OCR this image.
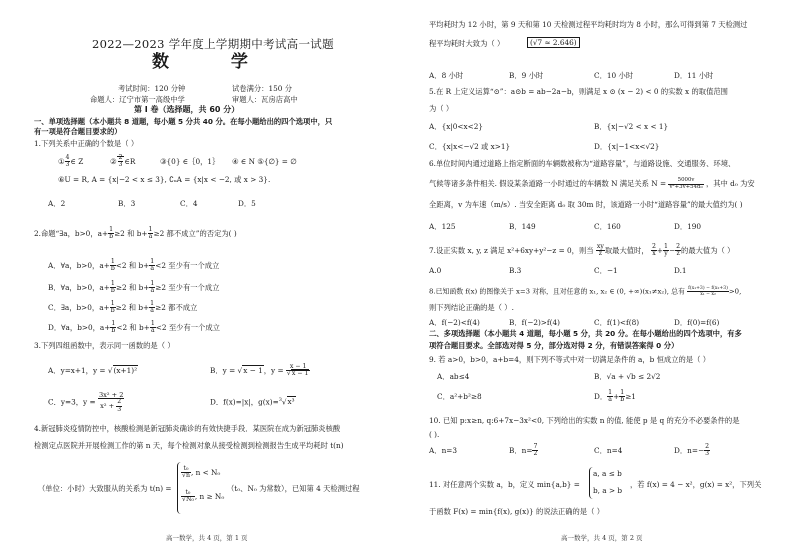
2022—2023 学年度上学期期中考试高一试题
数 学
考试时间：120 分钟	试卷满分：150 分
命题人：辽宁市第一高级中学	审题人：瓦房店高中
第 Ⅰ 卷（选择题，共 60 分）
一、单项选择题（本小题共 8 道题，每小题 5 分共 40 分。在每小题给出的四个选项中，只
有一项是符合题目要求的）
1.下列关系中正确的个数是（ ）
① $\frac{4}{3}$ ∈ Z	② $\frac{2}{3}$ ∈R	③{0} ∈｛0，1｝ ④ ∈ N ⑤{∅} = ∅
⑥U = R, A = {x|−2 < x ≤ 3}, ∁ᵤA = {x|x < −2, 或 x > 3}.
A．2	B．3	C．4	D．5
2.命题“∃a，b>0，$a+ \frac{1}{b} \ge 2$ 和 $b+ \frac{1}{a} \ge 2$ 都不成立”的否定为( )
A．∀a，b>0，$a+ \frac{1}{b} <2$ 和 $b+ \frac{1}{a} <2$ 至少有一个成立
B．∀a，b>0，$a+ \frac{1}{b} \ge 2$ 和 $b+ \frac{1}{a} \ge 2$ 至少有一个成立
C．∃a，b>0，$a+ \frac{1}{b} \ge 2$ 和 $b+ \frac{1}{a} \ge 2$ 都不成立
D．∀a，b>0，$a+ \frac{1}{b} <2$ 和 $b+ \frac{1}{a} <2$ 至少有一个成立
3.下列四组函数中，表示同一函数的是（ ）
A．y=x+1，y = √(x+1)²	B．y = √x − 1，$y = \frac{x - 1}{√x - 1}$
C．y=3，$y = \frac{\text{3x² + 2}}{x^2 + \frac{2}{3}}$	D．f(x)=|x|，g(x)=$^3$√x³
4.新冠肺炎疫情防控中，核酸检测是新冠肺炎确诊的有效快捷手段．某医院在成为新冠肺炎核酸
检测定点医院并开展检测工作的第 n 天，每个检测对象从接受检测到检测报告生成平均耗时 t(n)
（单位：小时）大致服从的关系为 t(n) =
$\frac{\text{t₀}}{√n}$ , n < N₀
$\frac{\text{t₀}}{\text{√N₀}}$ , n ≥ N₀
（t₀、N₀ 为常数），已知第 4 天检测过程
高一数学，共 4 页，第 1 页
平均耗时为 12 小时，第 9 天和第 10 天检测过程平均耗时均为 8 小时，那么可得到第 7 天检测过
程平均耗时大致为（ ）	(√7 ≈ 2.646)
A．8 小时	B．9 小时	C．10 小时	D．11 小时
5.在 R 上定义运算“⊙”：a⊙b = ab−2a−b，则满足 x ⊙ (x − 2) < 0 的实数 x 的取值范围
为（ ）
A．{x|0<x<2}	B．{x|−√2 < x < 1}
C．{x|x<−√2 或 x>1}	D．{x|−1<x<√2}
6.单位时间内通过道路上指定断面的车辆数被称为“道路容量”，与道路设施、交通服务、环境、
气候等诸多条件相关. 假设某条道路一小时通过的车辆数 N 满足关系 $N = \frac{5000v}{\text{v²+3v+54d₀}}$ ，其中 d₀ 为安
全距离，v 为车速（m/s）. 当安全距离 d₀ 取 30m 时，该道路一小时“道路容量”的最大值约为( )
A．125	B．149	C．160	D．190
7.设正实数 x, y, z 满足 x²+6xy+y²−z = 0，则当 $\frac{xy}{z}$ 取最大值时， $\frac{2}{x} + \frac{1}{y} - \frac{2}{z}$ 的最大值为（ ）
A.0	B.3	C．−1	D.1
8.已知函数 f(x) 的图像关于 x=3 对称，且对任意的 x₁, x₂ ∈ (0, +∞)(x₁≠x₂), 总有 $\frac{\text{f(x₁+3) − f(x₂+3)}}{\text{x₁ − x₂}} >0$,
则下列结论正确的是（ ）.
A．f(−2)<f(4)	B．f(−2)>f(4)	C．f(1)<f(8)	D．f(0)=f(6)
二、多项选择题（本小题共 4 道题，每小题 5 分，共 20 分。在每小题给出的四个选项中，有多
项符合题目要求。全部选对得 5 分，部分选对得 2 分，有错误答案得 0 分）
9. 若 a>0，b>0，a+b=4，则下列不等式中对一切满足条件的 a，b 恒成立的是（ ）
A．ab≤4	B．√a + √b ≤ 2√2
C．a²+b²≥8	D． $\frac{1}{a} + \frac{1}{b} \ge 1$
10. 已知 p:x≥n, q:6+7x−3x²<0, 下列给出的实数 n 的值, 能使 p 是 q 的充分不必要条件的是
( ).
A．n=3	B．$n= \frac{7}{2}$	C．n=4	D．$n=- \frac{2}{3}$
11. 对任意两个实数 a，b，定义 min{a,b} =
a, a ≤ b
b, a > b
，若 f(x) = 4 − x²，g(x) = x²，下列关
于函数 F(x) = min{f(x), g(x)} 的说法正确的是（ ）
高一数学，共 4 页，第 2 页
